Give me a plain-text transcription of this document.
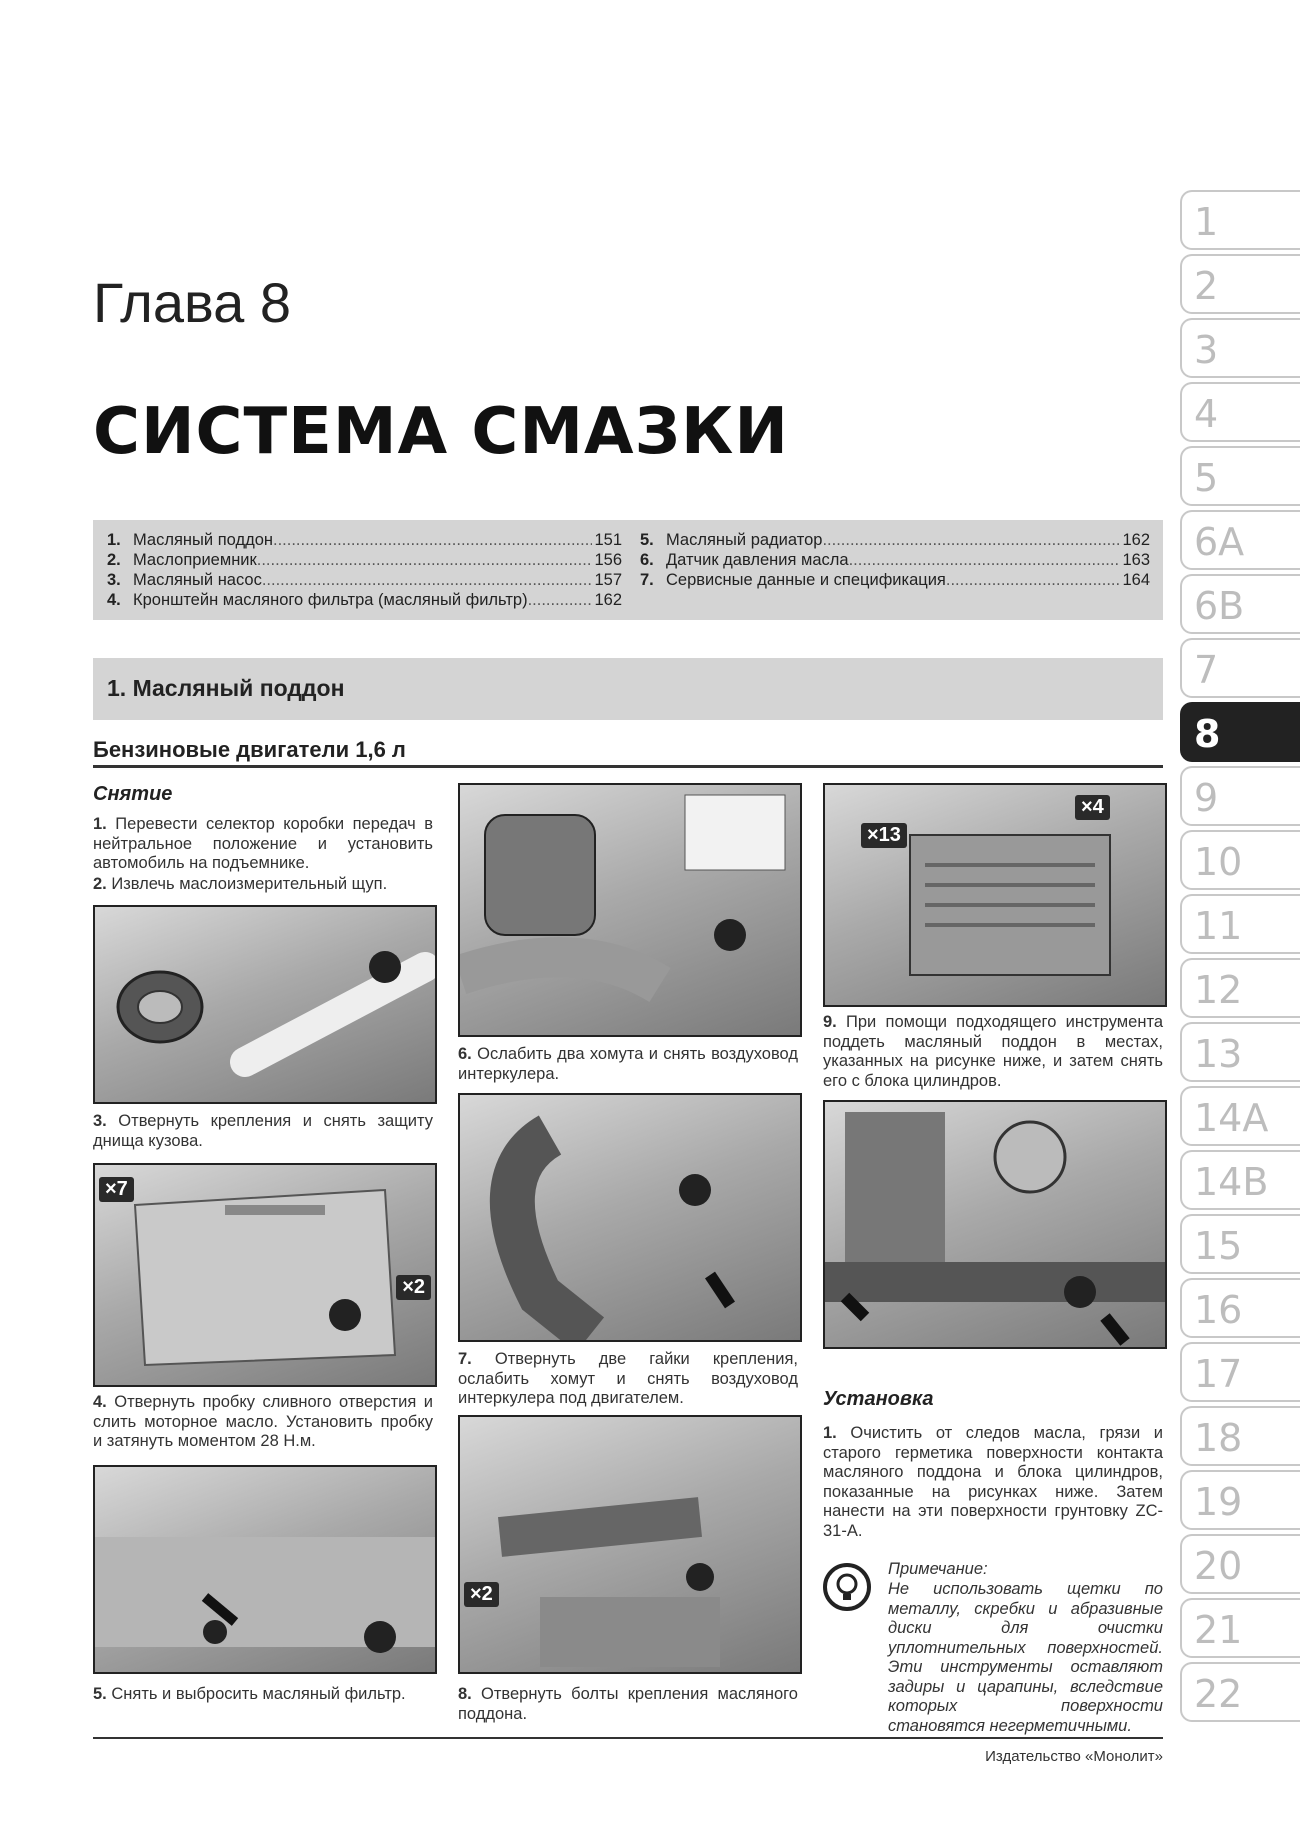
Глава 8
СИСТЕМА СМАЗКИ
1. Масляный поддон .....	151
2. Маслоприемник .....	156
3. Масляный насос .....	157
4. Кронштейн масляного фильтра (масляный фильтр) .....	162
5. Масляный радиатор .....	162
6. Датчик давления масла .....	163
7. Сервисные данные и спецификация .....	164
1. Масляный поддон
Бензиновые двигатели 1,6 л
Снятие
1. Перевести селектор коробки передач в нейтральное положение и установить автомобиль на подъемнике.
2. Извлечь маслоизмерительный щуп.
3. Отвернуть крепления и снять защиту днища кузова.
×7
×2
4. Отвернуть пробку сливного отверстия и слить моторное масло. Установить пробку и затянуть моментом 28 Н.м.
5. Снять и выбросить масляный фильтр.
6. Ослабить два хомута и снять воздуховод интеркулера.
7. Отвернуть две гайки крепления, ослабить хомут и снять воздуховод интеркулера под двигателем.
×2
8. Отвернуть болты крепления масляного поддона.
×13
×4
9. При помощи подходящего инструмента поддеть масляный поддон в местах, указанных на рисунке ниже, и затем снять его с блока цилиндров.
Установка
1. Очистить от следов масла, грязи и старого герметика поверхности контакта масляного поддона и блока цилиндров, показанные на рисунках ниже. Затем нанести на эти поверхности грунтовку ZC-31-A.
Примечание:
Не использовать щетки по металлу, скребки и абразивные диски для очистки уплотнительных поверхностей. Эти инструменты оставляют задиры и царапины, вследствие которых поверхности становятся негерметичными.
1
2
3
4
5
6A
6B
7
8
9
10
11
12
13
14A
14B
15
16
17
18
19
20
21
22
Издательство «Монолит»
